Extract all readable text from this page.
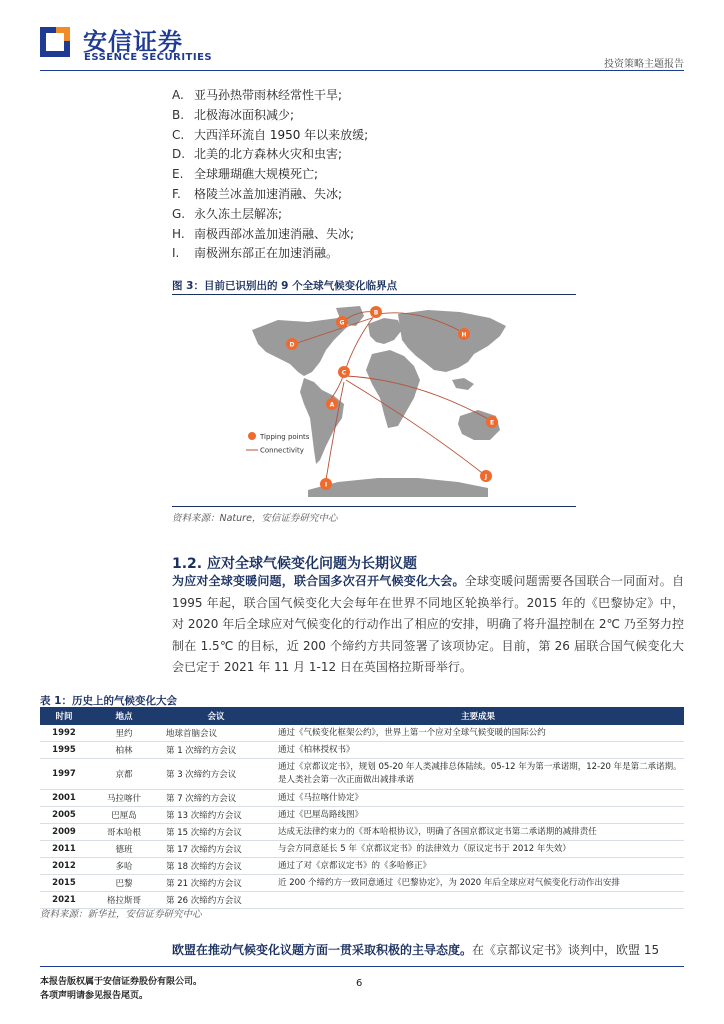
安信证券
ESSENCE SECURITIES
投资策略主题报告
A. 亚马孙热带雨林经常性干旱;
B. 北极海冰面积减少;
C. 大西洋环流自 1950 年以来放缓;
D. 北美的北方森林火灾和虫害;
E. 全球珊瑚礁大规模死亡;
F. 格陵兰冰盖加速消融、失冰;
G. 永久冻土层解冻;
H. 南极西部冰盖加速消融、失冰;
I. 南极洲东部正在加速消融。
图 3：目前已识别出的 9 个全球气候变化临界点
A
B
C
D
E
G
H
I
J
Tipping points
Connectivity
资料来源：Nature，安信证券研究中心
1.2. 应对全球气候变化问题为长期议题
为应对全球变暖问题，联合国多次召开气候变化大会。全球变暖问题需要各国联合一同面对。自 1995 年起，联合国气候变化大会每年在世界不同地区轮换举行。2015 年的《巴黎协定》中，对 2020 年后全球应对气候变化的行动作出了相应的安排，明确了将升温控制在 2℃ 乃至努力控制在 1.5℃ 的目标，近 200 个缔约方共同签署了该项协定。目前，第 26 届联合国气候变化大会已定于 2021 年 11 月 1-12 日在英国格拉斯哥举行。
表 1：历史上的气候变化大会
时间	地点	会议	主要成果
1992	里约	地球首脑会议	通过《气候变化框架公约》，世界上第一个应对全球气候变暖的国际公约
1995	柏林	第 1 次缔约方会议	通过《柏林授权书》
1997	京都	第 3 次缔约方会议	通过《京都议定书》，规划 05-20 年人类减排总体陆续。05-12 年为第一承诺期，12-20 年是第二承诺期。是人类社会第一次正面做出减排承诺
2001	马拉喀什	第 7 次缔约方会议	通过《马拉喀什协定》
2005	巴厘岛	第 13 次缔约方会议	通过《巴厘岛路线图》
2009	哥本哈根	第 15 次缔约方会议	达成无法律约束力的《哥本哈根协议》，明确了各国京都议定书第二承诺期的减排责任
2011	德班	第 17 次缔约方会议	与会方同意延长 5 年《京都议定书》的法律效力（原议定书于 2012 年失效）
2012	多哈	第 18 次缔约方会议	通过了对《京都议定书》的《多哈修正》
2015	巴黎	第 21 次缔约方会议	近 200 个缔约方一致同意通过《巴黎协定》，为 2020 年后全球应对气候变化行动作出安排
2021	格拉斯哥	第 26 次缔约方会议	
资料来源：新华社，安信证券研究中心
欧盟在推动气候变化议题方面一贯采取积极的主导态度。在《京都议定书》谈判中，欧盟 15
本报告版权属于安信证券股份有限公司。
各项声明请参见报告尾页。
6
